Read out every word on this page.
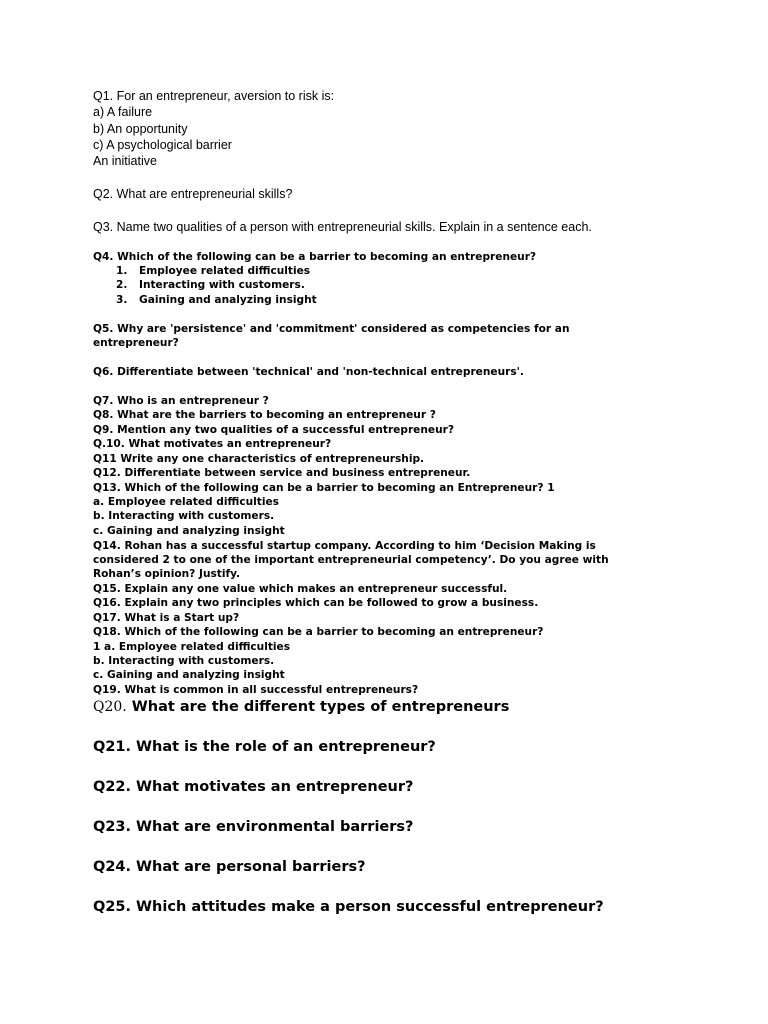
Q1. For an entrepreneur, aversion to risk is:

a) A failure

b) An opportunity

c) A psychological barrier

An initiative

Q2. What are entrepreneurial skills?

Q3. Name two qualities of a person with entrepreneurial skills. Explain in a sentence each.

Q4. Which of the following can be a barrier to becoming an entrepreneur?

1. Employee related difficulties

2. Interacting with customers.

3. Gaining and analyzing insight

Q5. Why are 'persistence' and 'commitment' considered as competencies for an

entrepreneur?

Q6. Differentiate between 'technical' and 'non-technical entrepreneurs'.

Q7. Who is an entrepreneur ?

Q8. What are the barriers to becoming an entrepreneur ?

Q9. Mention any two qualities of a successful entrepreneur?

Q.10. What motivates an entrepreneur?

Q11 Write any one characteristics of entrepreneurship.

Q12. Differentiate between service and business entrepreneur.

Q13. Which of the following can be a barrier to becoming an Entrepreneur? 1

a. Employee related difficulties

b. Interacting with customers.

c. Gaining and analyzing insight

Q14. Rohan has a successful startup company. According to him ‘Decision Making is

considered 2 to one of the important entrepreneurial competency’. Do you agree with

Rohan’s opinion? Justify.

Q15. Explain any one value which makes an entrepreneur successful.

Q16. Explain any two principles which can be followed to grow a business.

Q17. What is a Start up?

Q18. Which of the following can be a barrier to becoming an entrepreneur?

1 a. Employee related difficulties

b. Interacting with customers.

c. Gaining and analyzing insight

Q19. What is common in all successful entrepreneurs?

Q20. What are the different types of entrepreneurs

Q21. What is the role of an entrepreneur?

Q22. What motivates an entrepreneur?

Q23. What are environmental barriers?

Q24. What are personal barriers?

Q25. Which attitudes make a person successful entrepreneur?
